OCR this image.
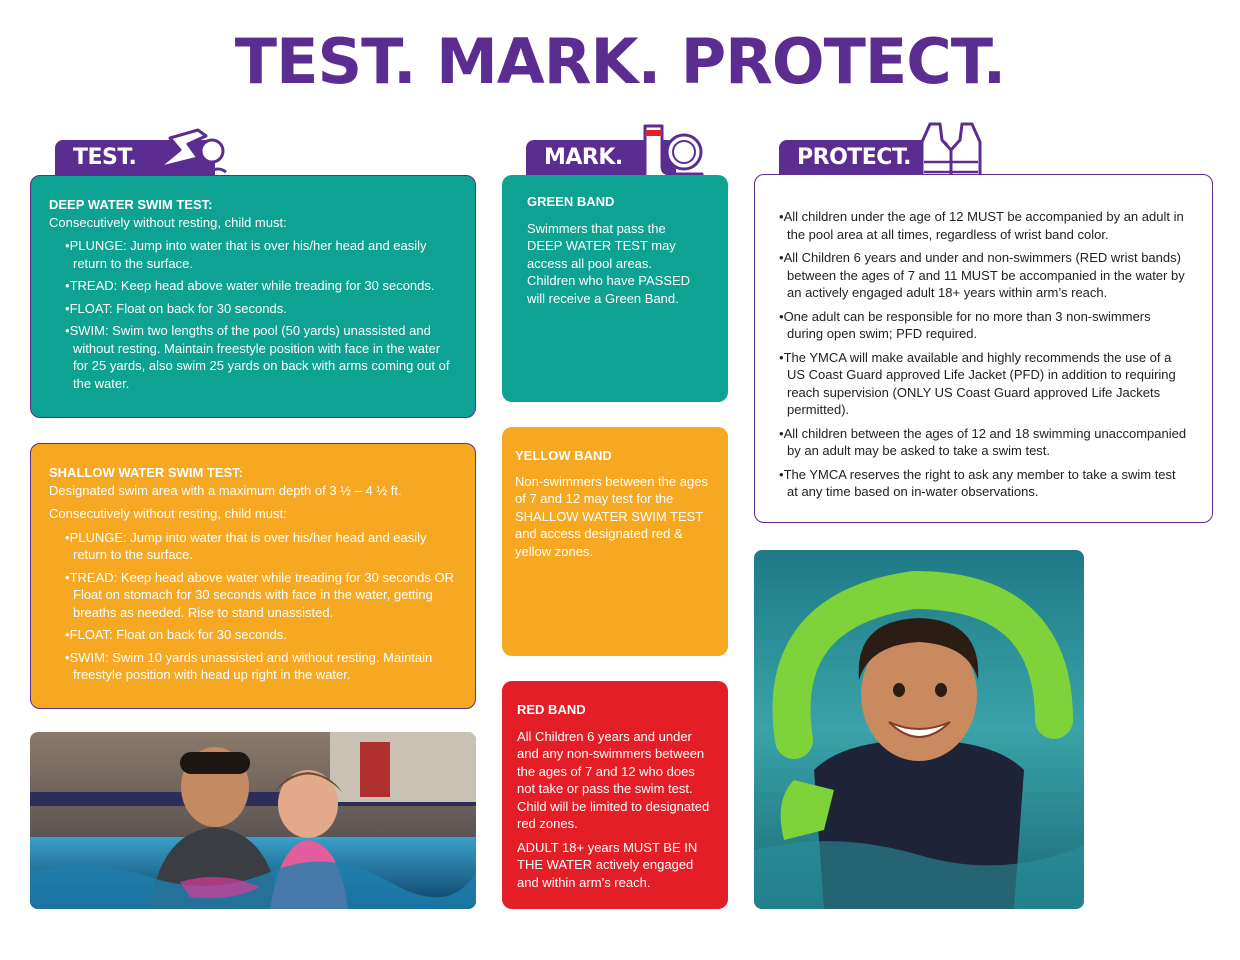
TEST. MARK. PROTECT.
TEST.
DEEP WATER SWIM TEST:

Consecutively without resting, child must:

• PLUNGE: Jump into water that is over his/her head and easily return to the surface.
• TREAD: Keep head above water while treading for 30 seconds.
• FLOAT: Float on back for 30 seconds.
• SWIM: Swim two lengths of the pool (50 yards) unassisted and without resting. Maintain freestyle position with face in the water for 25 yards, also swim 25 yards on back with arms coming out of the water.
SHALLOW WATER SWIM TEST:

Designated swim area with a maximum depth of 3 ½ – 4 ½ ft.

Consecutively without resting, child must:

• PLUNGE: Jump into water that is over his/her head and easily return to the surface.
• TREAD: Keep head above water while treading for 30 seconds OR Float on stomach for 30 seconds with face in the water, getting breaths as needed. Rise to stand unassisted.
• FLOAT: Float on back for 30 seconds.
• SWIM: Swim 10 yards unassisted and without resting. Maintain freestyle position with head up right in the water.
MARK.
GREEN BAND

Swimmers that pass the DEEP WATER TEST may access all pool areas. Children who have PASSED will receive a Green Band.

YELLOW BAND

Non-swimmers between the ages of 7 and 12 may test for the SHALLOW WATER SWIM TEST and access designated red & yellow zones.

RED BAND

All Children 6 years and under and any non-swimmers between the ages of 7 and 12 who does not take or pass the swim test. Child will be limited to designated red zones.

ADULT 18+ years MUST BE IN THE WATER actively engaged and within arm’s reach.

PROTECT.
• All children under the age of 12 MUST be accompanied by an adult in the pool area at all times, regardless of wrist band color.
• All Children 6 years and under and non-swimmers (RED wrist bands) between the ages of 7 and 11 MUST be accompanied in the water by an actively engaged adult 18+ years within arm’s reach.
• One adult can be responsible for no more than 3 non-swimmers during open swim; PFD required.
• The YMCA will make available and highly recommends the use of a US Coast Guard approved Life Jacket (PFD) in addition to requiring reach supervision (ONLY US Coast Guard approved Life Jackets permitted).
• All children between the ages of 12 and 18 swimming unaccompanied by an adult may be asked to take a swim test.
• The YMCA reserves the right to ask any member to take a swim test at any time based on in-water observations.
